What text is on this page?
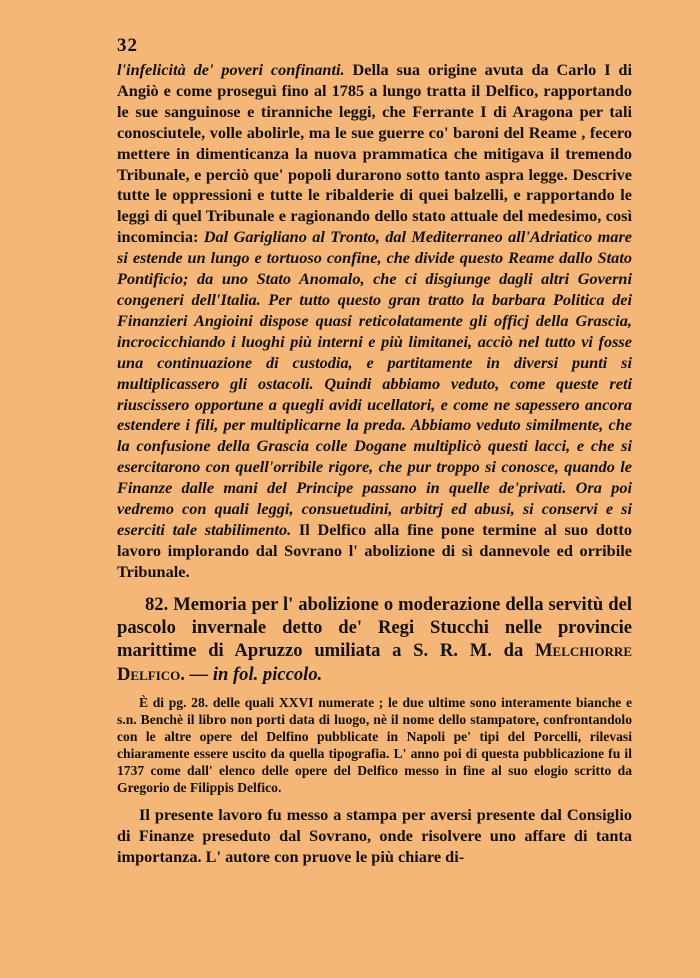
32

l'infelicità de' poveri confinanti. Della sua origine avuta da Carlo I di Angiò e come proseguì fino al 1785 a lungo tratta il Delfico, rapportando le sue sanguinose e tiranniche leggi, che Ferrante I di Aragona per tali conosciutele, volle abolirle, ma le sue guerre co' baroni del Reame , fecero mettere in dimenticanza la nuova prammatica che mitigava il tremendo Tribunale, e perciò que' popoli durarono sotto tanto aspra legge. Descrive tutte le oppressioni e tutte le ribalderie di quei balzelli, e rapportando le leggi di quel Tribunale e ragionando dello stato attuale del medesimo, così incomincia: Dal Garigliano al Tronto, dal Mediterraneo all'Adriatico mare si estende un lungo e tortuoso confine, che divide questo Reame dallo Stato Pontificio; da uno Stato Anomalo, che ci disgiunge dagli altri Governi congeneri dell'Italia. Per tutto questo gran tratto la barbara Politica dei Finanzieri Angioini dispose quasi reticolatamente gli officj della Grascia, incrocicchiando i luoghi più interni e più limitanei, acciò nel tutto vi fosse una continuazione di custodia, e partitamente in diversi punti si multiplicassero gli ostacoli. Quindi abbiamo veduto, come queste reti riuscissero opportune a quegli avidi ucellatori, e come ne sapessero ancora estendere i fili, per multiplicarne la preda. Abbiamo veduto similmente, che la confusione della Grascia colle Dogane multiplicò questi lacci, e che si esercitarono con quell'orribile rigore, che pur troppo si conosce, quando le Finanze dalle mani del Principe passano in quelle de'privati. Ora poi vedremo con quali leggi, consuetudini, arbitrj ed abusi, si conservi e si eserciti tale stabilimento. Il Delfico alla fine pone termine al suo dotto lavoro implorando dal Sovrano l' abolizione di sì dannevole ed orribile Tribunale.

82. Memoria per l' abolizione o moderazione della servitù del pascolo invernale detto de' Regi Stucchi nelle provincie marittime di Apruzzo umiliata a S. R. M. da Melchiorre Delfico. — in fol. piccolo.

È di pg. 28. delle quali XXVI numerate ; le due ultime sono interamente bianche e s.n. Benchè il libro non porti data di luogo, nè il nome dello stampatore, confrontandolo con le altre opere del Delfino pubblicate in Napoli pe' tipi del Porcelli, rilevasi chiaramente essere uscito da quella tipografia. L' anno poi di questa pubblicazione fu il 1737 come dall' elenco delle opere del Delfico messo in fine al suo elogio scritto da Gregorio de Filippis Delfico.

Il presente lavoro fu messo a stampa per aversi presente dal Consiglio di Finanze preseduto dal Sovrano, onde risolvere uno affare di tanta importanza. L' autore con pruove le più chiare di-
